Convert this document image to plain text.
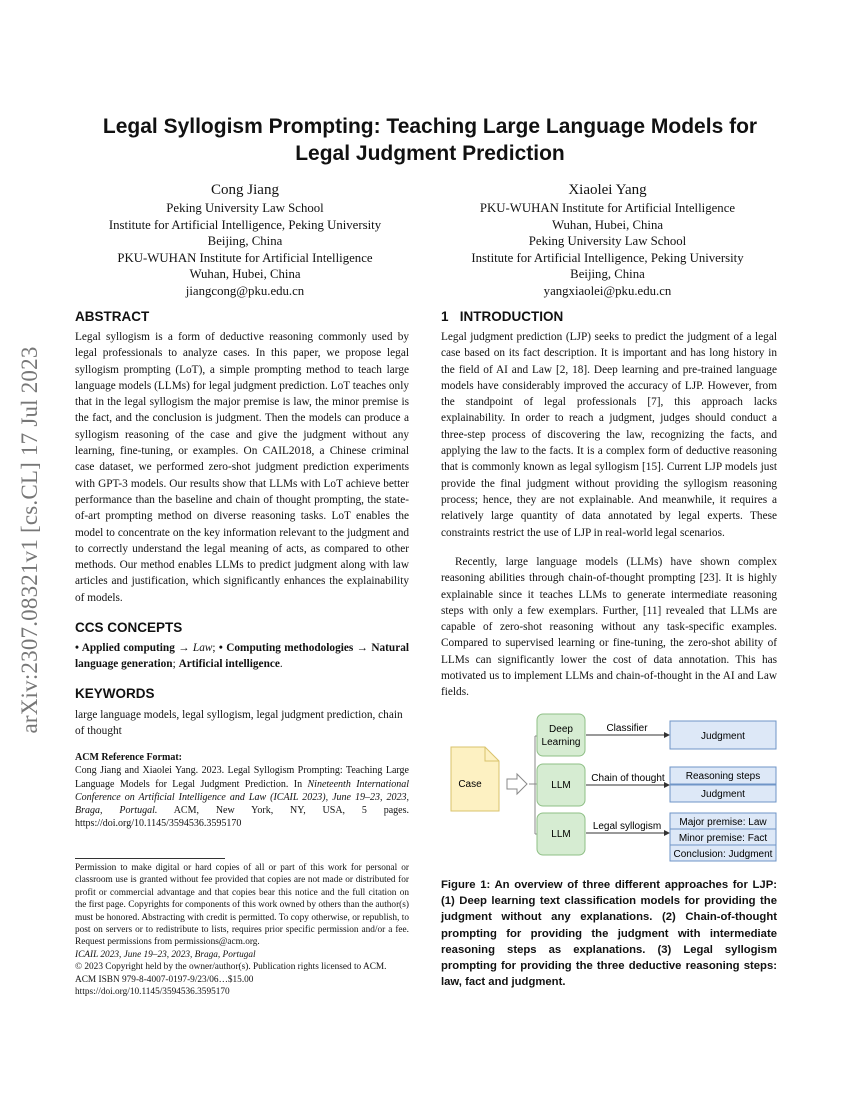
arXiv:2307.08321v1 [cs.CL] 17 Jul 2023
Legal Syllogism Prompting: Teaching Large Language Models for
Legal Judgment Prediction
Cong Jiang
Peking University Law School
Institute for Artificial Intelligence, Peking University
Beijing, China
PKU-WUHAN Institute for Artificial Intelligence
Wuhan, Hubei, China
jiangcong@pku.edu.cn
Xiaolei Yang
PKU-WUHAN Institute for Artificial Intelligence
Wuhan, Hubei, China
Peking University Law School
Institute for Artificial Intelligence, Peking University
Beijing, China
yangxiaolei@pku.edu.cn
ABSTRACT
Legal syllogism is a form of deductive reasoning commonly used by legal professionals to analyze cases. In this paper, we propose legal syllogism prompting (LoT), a simple prompting method to teach large language models (LLMs) for legal judgment prediction. LoT teaches only that in the legal syllogism the major premise is law, the minor premise is the fact, and the conclusion is judgment. Then the models can produce a syllogism reasoning of the case and give the judgment without any learning, fine-tuning, or examples. On CAIL2018, a Chinese criminal case dataset, we performed zero-shot judgment prediction experiments with GPT-3 models. Our results show that LLMs with LoT achieve better performance than the baseline and chain of thought prompting, the state-of-art prompting method on diverse reasoning tasks. LoT enables the model to concentrate on the key information relevant to the judgment and to correctly understand the legal meaning of acts, as compared to other methods. Our method enables LLMs to predict judgment along with law articles and justification, which significantly enhances the explainability of models.
CCS CONCEPTS
• Applied computing → Law; • Computing methodologies → Natural language generation; Artificial intelligence.
KEYWORDS
large language models, legal syllogism, legal judgment prediction, chain of thought
ACM Reference Format:
Cong Jiang and Xiaolei Yang. 2023. Legal Syllogism Prompting: Teaching Large Language Models for Legal Judgment Prediction. In Nineteenth International Conference on Artificial Intelligence and Law (ICAIL 2023), June 19–23, 2023, Braga, Portugal. ACM, New York, NY, USA, 5 pages. https://doi.org/10.1145/3594536.3595170
Permission to make digital or hard copies of all or part of this work for personal or classroom use is granted without fee provided that copies are not made or distributed for profit or commercial advantage and that copies bear this notice and the full citation on the first page. Copyrights for components of this work owned by others than the author(s) must be honored. Abstracting with credit is permitted. To copy otherwise, or republish, to post on servers or to redistribute to lists, requires prior specific permission and/or a fee. Request permissions from permissions@acm.org.
ICAIL 2023, June 19–23, 2023, Braga, Portugal
© 2023 Copyright held by the owner/author(s). Publication rights licensed to ACM.
ACM ISBN 979-8-4007-0197-9/23/06…$15.00
https://doi.org/10.1145/3594536.3595170
1 INTRODUCTION
Legal judgment prediction (LJP) seeks to predict the judgment of a legal case based on its fact description. It is important and has long history in the field of AI and Law [2, 18]. Deep learning and pre-trained language models have considerably improved the accuracy of LJP. However, from the standpoint of legal professionals [7], this approach lacks explainability. In order to reach a judgment, judges should conduct a three-step process of discovering the law, recognizing the facts, and applying the law to the facts. It is a complex form of deductive reasoning that is commonly known as legal syllogism [15]. Current LJP models just provide the final judgment without providing the syllogism reasoning process; hence, they are not explainable. And meanwhile, it requires a relatively large quantity of data annotated by legal experts. These constraints restrict the use of LJP in real-world legal scenarios.
Recently, large language models (LLMs) have shown complex reasoning abilities through chain-of-thought prompting [23]. It is highly explainable since it teaches LLMs to generate intermediate reasoning steps with only a few exemplars. Further, [11] revealed that LLMs are capable of zero-shot reasoning without any task-specific examples. Compared to supervised learning or fine-tuning, the zero-shot ability of LLMs can significantly lower the cost of data annotation. This has motivated us to implement LLMs and chain-of-thought in the AI and Law fields.
Case
Deep
Learning
LLM
LLM
Classifier
Chain of thought
Legal syllogism
Judgment
Reasoning steps
Judgment
Major premise: Law
Minor premise: Fact
Conclusion: Judgment
Figure 1: An overview of three different approaches for LJP: (1) Deep learning text classification models for providing the judgment without any explanations. (2) Chain-of-thought prompting for providing the judgment with intermediate reasoning steps as explanations. (3) Legal syllogism prompting for providing the three deductive reasoning steps: law, fact and judgment.
